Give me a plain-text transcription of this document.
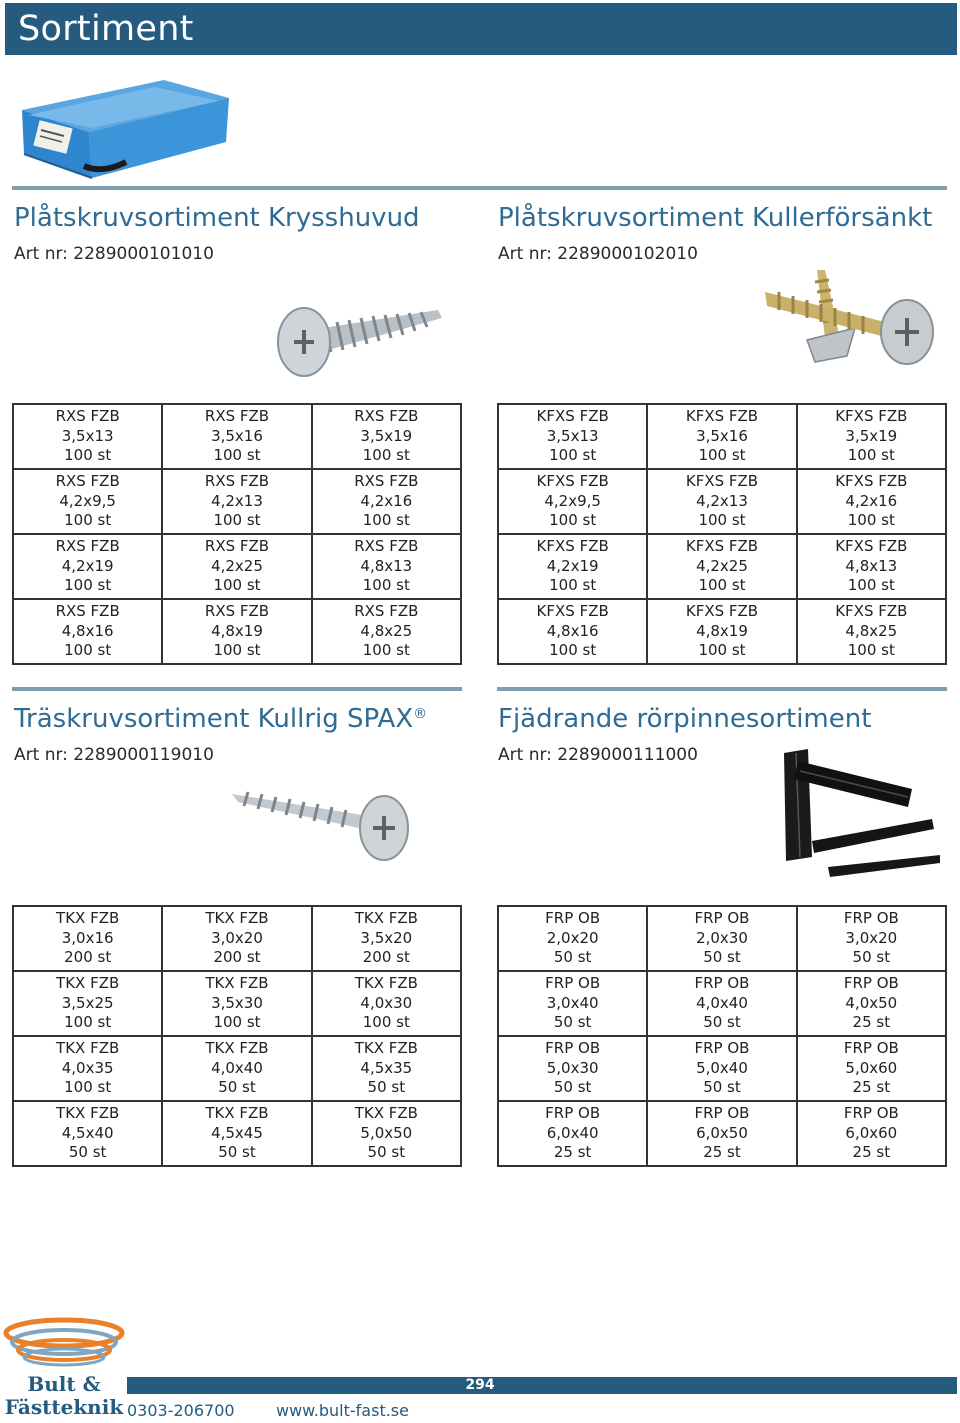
Sortiment
Plåtskruvsortiment Krysshuvud
Art nr: 2289000101010
Plåtskruvsortiment Kullerförsänkt
Art nr: 2289000102010
RXS FZB
3,5x13
100 st	RXS FZB
3,5x16
100 st	RXS FZB
3,5x19
100 st

RXS FZB
4,2x9,5
100 st	RXS FZB
4,2x13
100 st	RXS FZB
4,2x16
100 st

RXS FZB
4,2x19
100 st	RXS FZB
4,2x25
100 st	RXS FZB
4,8x13
100 st

RXS FZB
4,8x16
100 st	RXS FZB
4,8x19
100 st	RXS FZB
4,8x25
100 st
KFXS FZB
3,5x13
100 st	KFXS FZB
3,5x16
100 st	KFXS FZB
3,5x19
100 st

KFXS FZB
4,2x9,5
100 st	KFXS FZB
4,2x13
100 st	KFXS FZB
4,2x16
100 st

KFXS FZB
4,2x19
100 st	KFXS FZB
4,2x25
100 st	KFXS FZB
4,8x13
100 st

KFXS FZB
4,8x16
100 st	KFXS FZB
4,8x19
100 st	KFXS FZB
4,8x25
100 st
Träskruvsortiment Kullrig SPAX®
Art nr: 2289000119010
Fjädrande rörpinnesortiment
Art nr: 2289000111000
TKX FZB
3,0x16
200 st	TKX FZB
3,0x20
200 st	TKX FZB
3,5x20
200 st

TKX FZB
3,5x25
100 st	TKX FZB
3,5x30
100 st	TKX FZB
4,0x30
100 st

TKX FZB
4,0x35
100 st	TKX FZB
4,0x40
50 st	TKX FZB
4,5x35
50 st

TKX FZB
4,5x40
50 st	TKX FZB
4,5x45
50 st	TKX FZB
5,0x50
50 st
FRP OB
2,0x20
50 st	FRP OB
2,0x30
50 st	FRP OB
3,0x20
50 st

FRP OB
3,0x40
50 st	FRP OB
4,0x40
50 st	FRP OB
4,0x50
25 st

FRP OB
5,0x30
50 st	FRP OB
5,0x40
50 st	FRP OB
5,0x60
25 st

FRP OB
6,0x40
25 st	FRP OB
6,0x50
25 st	FRP OB
6,0x60
25 st
Bult &
Fästteknik
294
0303-206700	www.bult-fast.se
